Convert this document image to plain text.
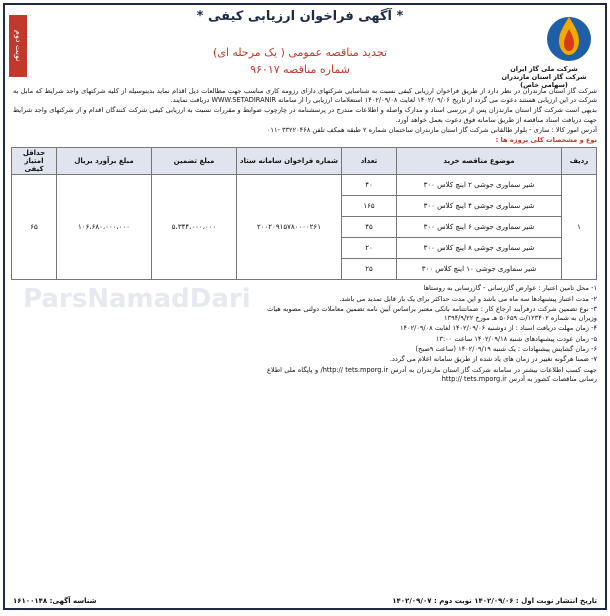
شرکت ملی گاز ایران
شرکت گاز استان مازندران (سهامی خاص)
* آگهی فراخوان ارزیابی کیفی *
تجدید مناقصه عمومی ( یک مرحله ای)
شماره مناقصه ۹۶۰۱۷
نوبت دوم

شرکت گاز استان مازندران در نظر دارد از طریق فراخوان ارزیابی کیفی نسبت به شناسایی شرکتهای دارای رزومه کاری مناسب جهت مطالعات ذیل اقدام نماید بدینوسیله از کلیه شرکتهای واجد شرایط که مایل به شرکت در این ارزیابی هستند دعوت می گردد از تاریخ ۱۴۰۲/۰۹/۰۶ لغایت ۱۴۰۲/۰۹/۰۸ استعلامات ارزیابی را از سامانه WWW.SETADIRANIR دریافت نمایند.

بدیهی است شرکت گاز استان مازندران پس از بررسی اسناد و مدارک واصله و اطلاعات مندرج در پرسشنامه در چارچوب ضوابط و مقررات نسبت به ارزیابی کیفی شرکت کنندگان اقدام و از شرکتهای واجد شرایط جهت دریافت اسناد مناقصه از طریق سامانه فوق دعوت بعمل خواهد آورد.

آدرس امور کالا : ساری - بلوار طالقانی شرکت گاز استان مازندران ساختمان شماره ۲ طبقه همکف تلفن ۳۳۲۲۰۴۶۸ -۰۱۱

نوع و مشخصات کلی پروژه ها :

ردیف	موضوع مناقصه خرید	تعداد	شماره فراخوان سامانه ستاد	مبلغ تضمین	مبلغ برآورد بریال	حداقل امتیاز کیفی
۱	شیر سماوری جوشی ۲ اینچ کلاس ۳۰۰	۴۰	۲۰۰۲۰۹۱۵۷۸۰۰۰۰۲۶۱	۵،۳۴۴،۰۰۰،۰۰۰	۱۰۶،۶۸۰،۰۰۰،۰۰۰	۶۵
	شیر سماوری جوشی ۴ اینچ کلاس ۳۰۰	۱۶۵				
	شیر سماوری جوشی ۶ اینچ کلاس ۳۰۰	۴۵				
	شیر سماوری جوشی ۸ اینچ کلاس ۳۰۰	۲۰				
	شیر سماوری جوشی ۱۰ اینچ کلاس ۳۰۰	۲۵				

۱- محل تامین اعتبار : عوارض گازرسانی - گازرسانی به روستاها

۲- مدت اعتبار پیشنهادها سه ماه می باشد و این مدت حداکثر برای یک بار قابل تمدید می باشد.

۳- نوع تضمین شرکت درفرآیند ارجاع کار : ضمانتنامه بانکی معتبر براساس آیین نامه تضمین معاملات دولتی مصوبه هیات وزیران به شماره ۱۲۳۴۰۲/ت ۵۰۶۵۹ هـ مورخ ۱۳۹۴/۹/۲۲

۴- زمان مهلت دریافت اسناد : از دوشنبه ۱۴۰۲/۰۹/۰۶ لغایت ۱۴۰۲/۰۹/۰۸

۵- زمان عودت پیشنهادهای شنبه ۱۴۰۲/۰۹/۱۸ ساعت ۱۳:۰۰

۶- زمان گشایش پیشنهادات : یک شنبه ۱۴۰۲/۰۹/۱۹ (ساعت ۹صبح)

۷- ضمنا هرگونه تغییر در زمان های یاد شده از طریق سامانه اعلام می گردد.

جهت کسب اطلاعات بیشتر در سامانه شرکت گاز استان مازندران به آدرس http:// tets.mporg.ir/ و پایگاه ملی اطلاع رسانی مناقصات کشور به آدرس http:// tets.mporg.ir

ParsNamadDari
تاریخ انتشار نوبت اول : ۱۴۰۲/۰۹/۰۶ نوبت دوم : ۱۴۰۲/۰۹/۰۷
شناسه آگهی: ۱۶۱۰۰۱۴۸
